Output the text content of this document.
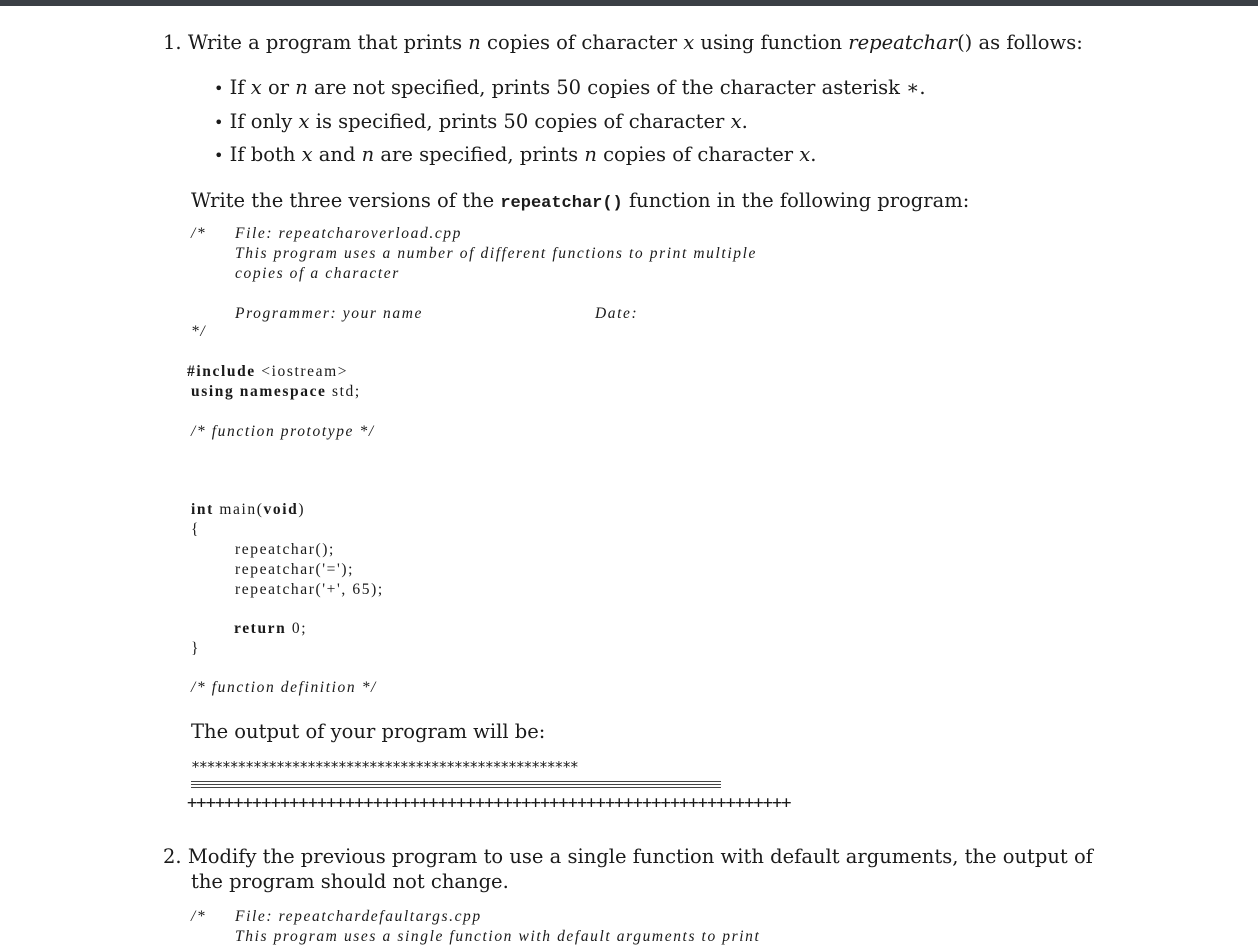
1. Write a program that prints n copies of character x using function repeatchar() as follows:
• If x or n are not specified, prints 50 copies of the character asterisk ∗.
• If only x is specified, prints 50 copies of character x.
• If both x and n are specified, prints n copies of character x.
Write the three versions of the repeatchar() function in the following program:
/* File: repeatcharoverload.cpp
This program uses a number of different functions to print multiple
copies of a character
Programmer: your name	Date:
*/
#include <iostream>
using namespace std;
/* function prototype */
int main(void)
{
repeatchar();
repeatchar('=');
repeatchar('+', 65);
return 0;
}
/* function definition */
The output of your program will be:
**************************************************
+++++++++++++++++++++++++++++++++++++++++++++++++++++++++++++++++
2. Modify the previous program to use a single function with default arguments, the output of
the program should not change.
/* File: repeatchardefaultargs.cpp
This program uses a single function with default arguments to print
